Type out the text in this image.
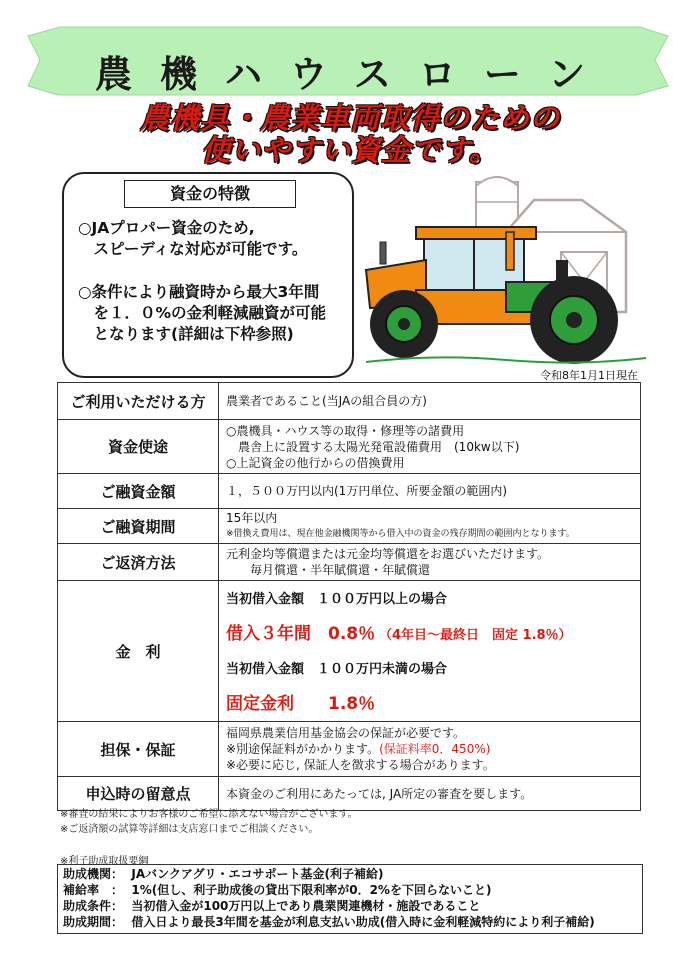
農機ハウスローン
農機具・農業車両取得のための
使いやすい資金です。
資金の特徴
○JAプロパー資金のため,
　スピーディな対応が可能です。
○条件により融資時から最大3年間
　を１．０%の金利軽減融資が可能
　となります(詳細は下枠参照)
令和8年1月1日現在
ご利用いただける方	農業者であること(当JAの組合員の方)
資金使途	○農機具・ハウス等の取得・修理等の諸費用
　農舎上に設置する太陽光発電設備費用　(10kw以下)
○上記資金の他行からの借換費用

ご融資金額	１，５００万円以内(1万円単位、所要金額の範囲内)
ご融資期間	15年以内
※借換え費用は、現在他金融機関等から借入中の資金の残存期間の範囲内となります。

ご返済方法	元利金均等償還または元金均等償還をお選びいただけます。
　　毎月償還・半年賦償還・年賦償還

金　利	当初借入金額　１００万円以上の場合
借入３年間　0.8％ （4年目～最終日　固定 1.8％）
当初借入金額　１００万円未満の場合
固定金利　　1.8％

担保・保証	福岡県農業信用基金協会の保証が必要です。
※別途保証料がかかります。(保証料率0．450%)
※必要に応じ, 保証人を徴求する場合があります。

申込時の留意点	本資金のご利用にあたっては, JA所定の審査を要します。
※審査の結果によりお客様のご希望に添えない場合がございます。
※ご返済額の試算等詳細は支店窓口までご相談ください。
※利子助成取扱要綱
助成機関：  JAバンクアグリ・エコサポート基金(利子補給)
補給率　：  1%(但し、利子助成後の貸出下限利率が0．2%を下回らないこと)
助成条件：  当初借入金が100万円以上であり農業関連機材・施設であること
助成期間：  借入日より最長3年間を基金が利息支払い助成(借入時に金利軽減特約により利子補給)
